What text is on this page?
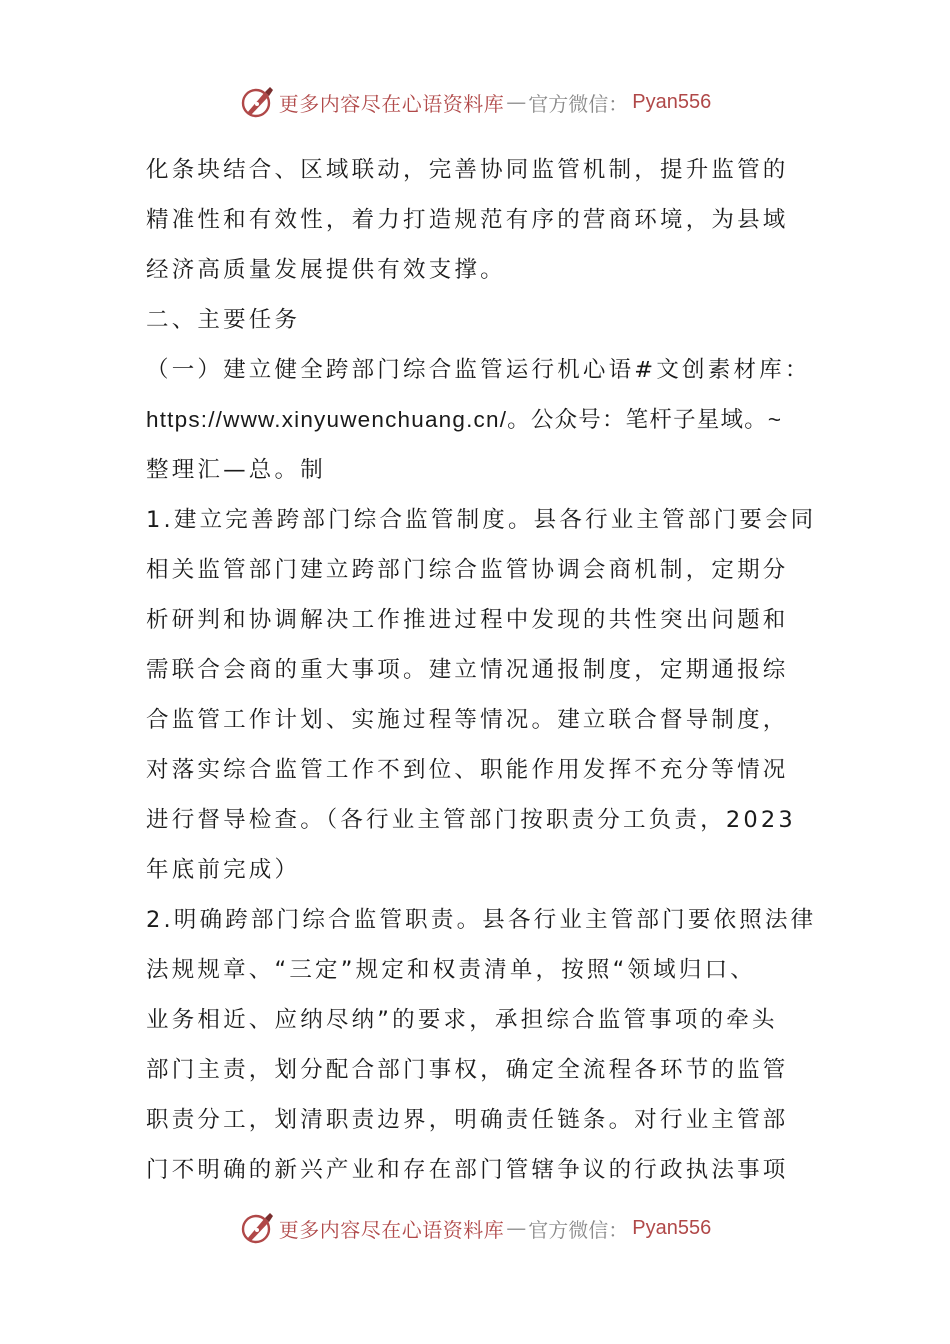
更多内容尽在心语资料库 — 官方微信： Pyan556
化条块结合、区域联动，完善协同监管机制，提升监管的
精准性和有效性，着力打造规范有序的营商环境，为县域
经济高质量发展提供有效支撑。
二、主要任务
（一）建立健全跨部门综合监管运行机心语#文创素材库：
https://www.xinyuwenchuang.cn/。公众号：笔杆子星域。~
整理汇—总。制
1.建立完善跨部门综合监管制度。县各行业主管部门要会同
相关监管部门建立跨部门综合监管协调会商机制，定期分
析研判和协调解决工作推进过程中发现的共性突出问题和
需联合会商的重大事项。建立情况通报制度，定期通报综
合监管工作计划、实施过程等情况。建立联合督导制度，
对落实综合监管工作不到位、职能作用发挥不充分等情况
进行督导检查。（各行业主管部门按职责分工负责，2023
年底前完成）
2.明确跨部门综合监管职责。县各行业主管部门要依照法律
法规规章、“三定”规定和权责清单，按照“领域归口、
业务相近、应纳尽纳”的要求，承担综合监管事项的牵头
部门主责，划分配合部门事权，确定全流程各环节的监管
职责分工，划清职责边界，明确责任链条。对行业主管部
门不明确的新兴产业和存在部门管辖争议的行政执法事项
更多内容尽在心语资料库 — 官方微信： Pyan556
